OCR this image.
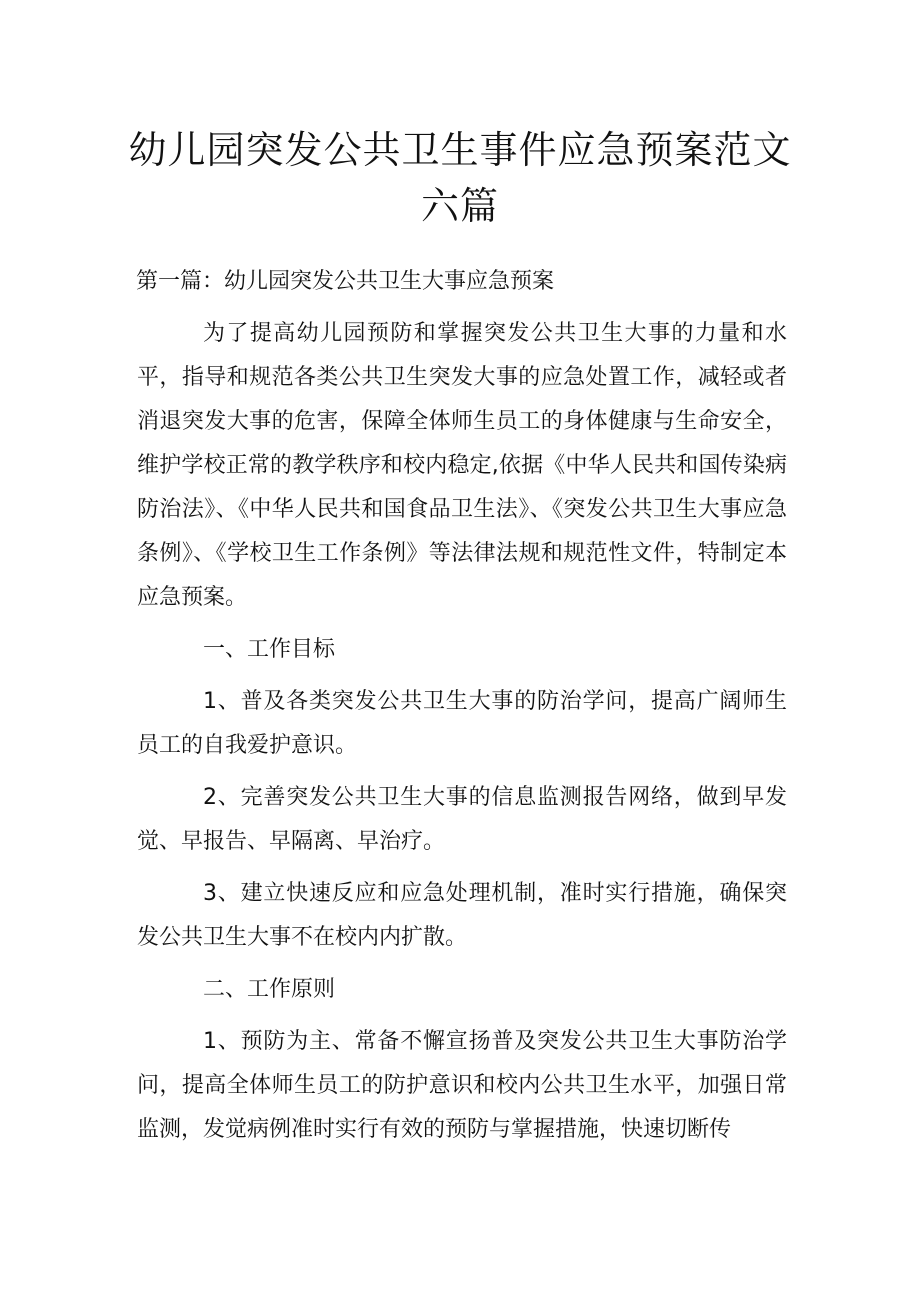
幼儿园突发公共卫生事件应急预案范文六篇

第一篇：幼儿园突发公共卫生大事应急预案

为了提高幼儿园预防和掌握突发公共卫生大事的力量和水平，指导和规范各类公共卫生突发大事的应急处置工作，减轻或者消退突发大事的危害，保障全体师生员工的身体健康与生命安全，维护学校正常的教学秩序和校内稳定,依据《中华人民共和国传染病防治法》、《中华人民共和国食品卫生法》、《突发公共卫生大事应急条例》、《学校卫生工作条例》等法律法规和规范性文件，特制定本应急预案。

一、工作目标

1、普及各类突发公共卫生大事的防治学问，提高广阔师生员工的自我爱护意识。

2、完善突发公共卫生大事的信息监测报告网络，做到早发觉、早报告、早隔离、早治疗。

3、建立快速反应和应急处理机制，准时实行措施，确保突发公共卫生大事不在校内内扩散。

二、工作原则

1、预防为主、常备不懈宣扬普及突发公共卫生大事防治学问，提高全体师生员工的防护意识和校内公共卫生水平，加强日常监测，发觉病例准时实行有效的预防与掌握措施，快速切断传
